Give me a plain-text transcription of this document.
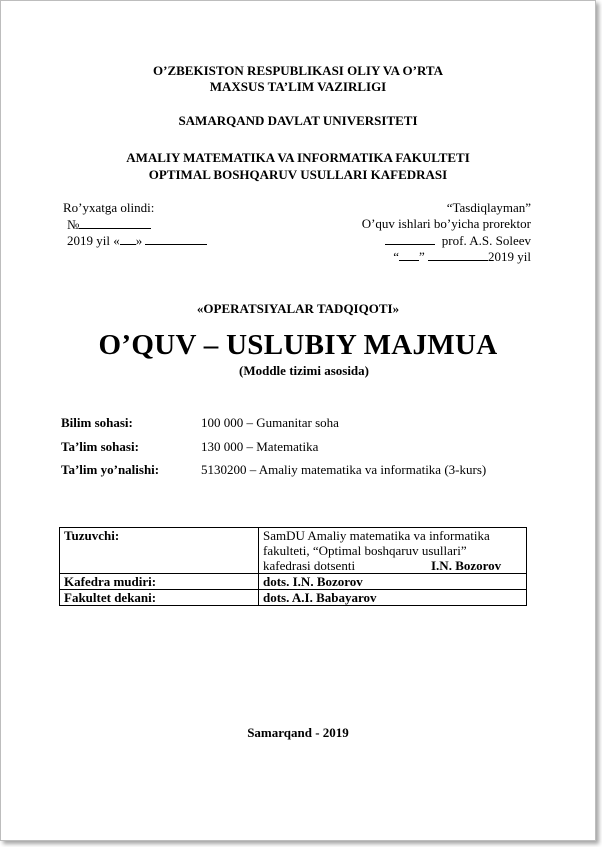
O’ZBEKISTON RESPUBLIKASI OLIY VA O’RTA
MAXSUS TA’LIM VAZIRLIGI
SAMARQAND DAVLAT UNIVERSITETI
AMALIY MATEMATIKA VA INFORMATIKA FAKULTETI
OPTIMAL BOSHQARUV USULLARI KAFEDRASI
Ro’yxatga olindi:
№
2019 yil « »
“Tasdiqlayman”
O’quv ishlari bo’yicha prorektor
prof. A.S. Soleev
“ ”	2019 yil
«OPERATSIYALAR TADQIQOTI»
O’QUV – USLUBIY MAJMUA
(Moddle tizimi asosida)
Bilim sohasi:	100 000 – Gumanitar soha
Ta’lim sohasi:	130 000 – Matematika
Ta’lim yo’nalishi:	5130200 – Amaliy matematika va informatika (3-kurs)
Tuzuvchi:	SamDU Amaliy matematika va informatika
fakulteti, “Optimal boshqaruv usullari”
kafedrasi dotsenti I.N. Bozorov

Kafedra mudiri:	dots. I.N. Bozorov
Fakultet dekani:	dots. A.I. Babayarov
Samarqand - 2019
